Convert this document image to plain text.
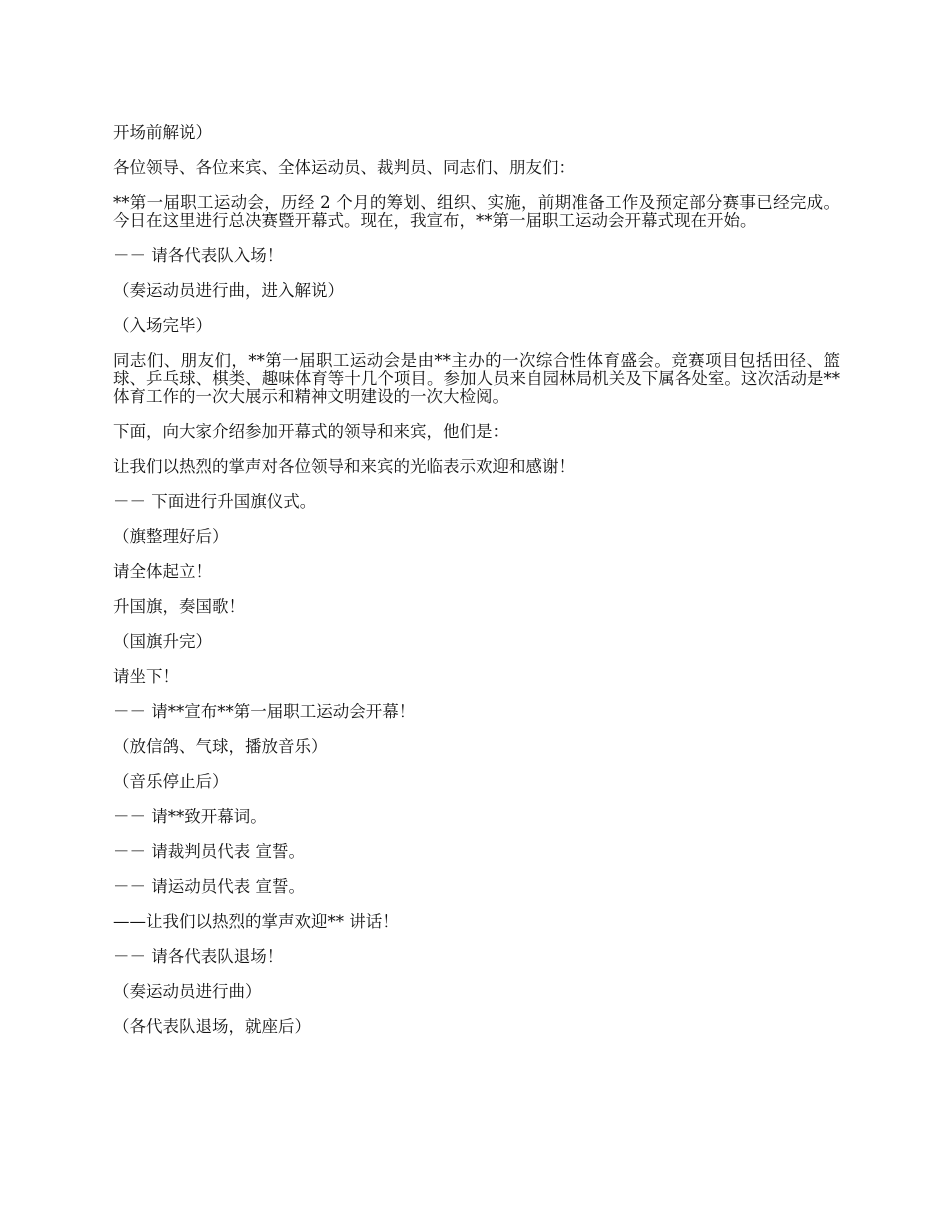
开场前解说）

各位领导、各位来宾、全体运动员、裁判员、同志们、朋友们：

**第一届职工运动会，历经 2 个月的筹划、组织、实施，前期准备工作及预定部分赛事已经完成。今日在这里进行总决赛暨开幕式。现在，我宣布，**第一届职工运动会开幕式现在开始。

－－ 请各代表队入场！

（奏运动员进行曲，进入解说）

（入场完毕）

同志们、朋友们，**第一届职工运动会是由**主办的一次综合性体育盛会。竞赛项目包括田径、篮球、乒乓球、棋类、趣味体育等十几个项目。参加人员来自园林局机关及下属各处室。这次活动是**体育工作的一次大展示和精神文明建设的一次大检阅。

下面，向大家介绍参加开幕式的领导和来宾，他们是：

让我们以热烈的掌声对各位领导和来宾的光临表示欢迎和感谢！

－－ 下面进行升国旗仪式。

（旗整理好后）

请全体起立！

升国旗，奏国歌！

（国旗升完）

请坐下！

－－ 请**宣布**第一届职工运动会开幕！

（放信鸽、气球，播放音乐）

（音乐停止后）

－－ 请**致开幕词。

－－ 请裁判员代表 宣誓。

－－ 请运动员代表 宣誓。

——让我们以热烈的掌声欢迎** 讲话！

－－ 请各代表队退场！

（奏运动员进行曲）

（各代表队退场，就座后）
